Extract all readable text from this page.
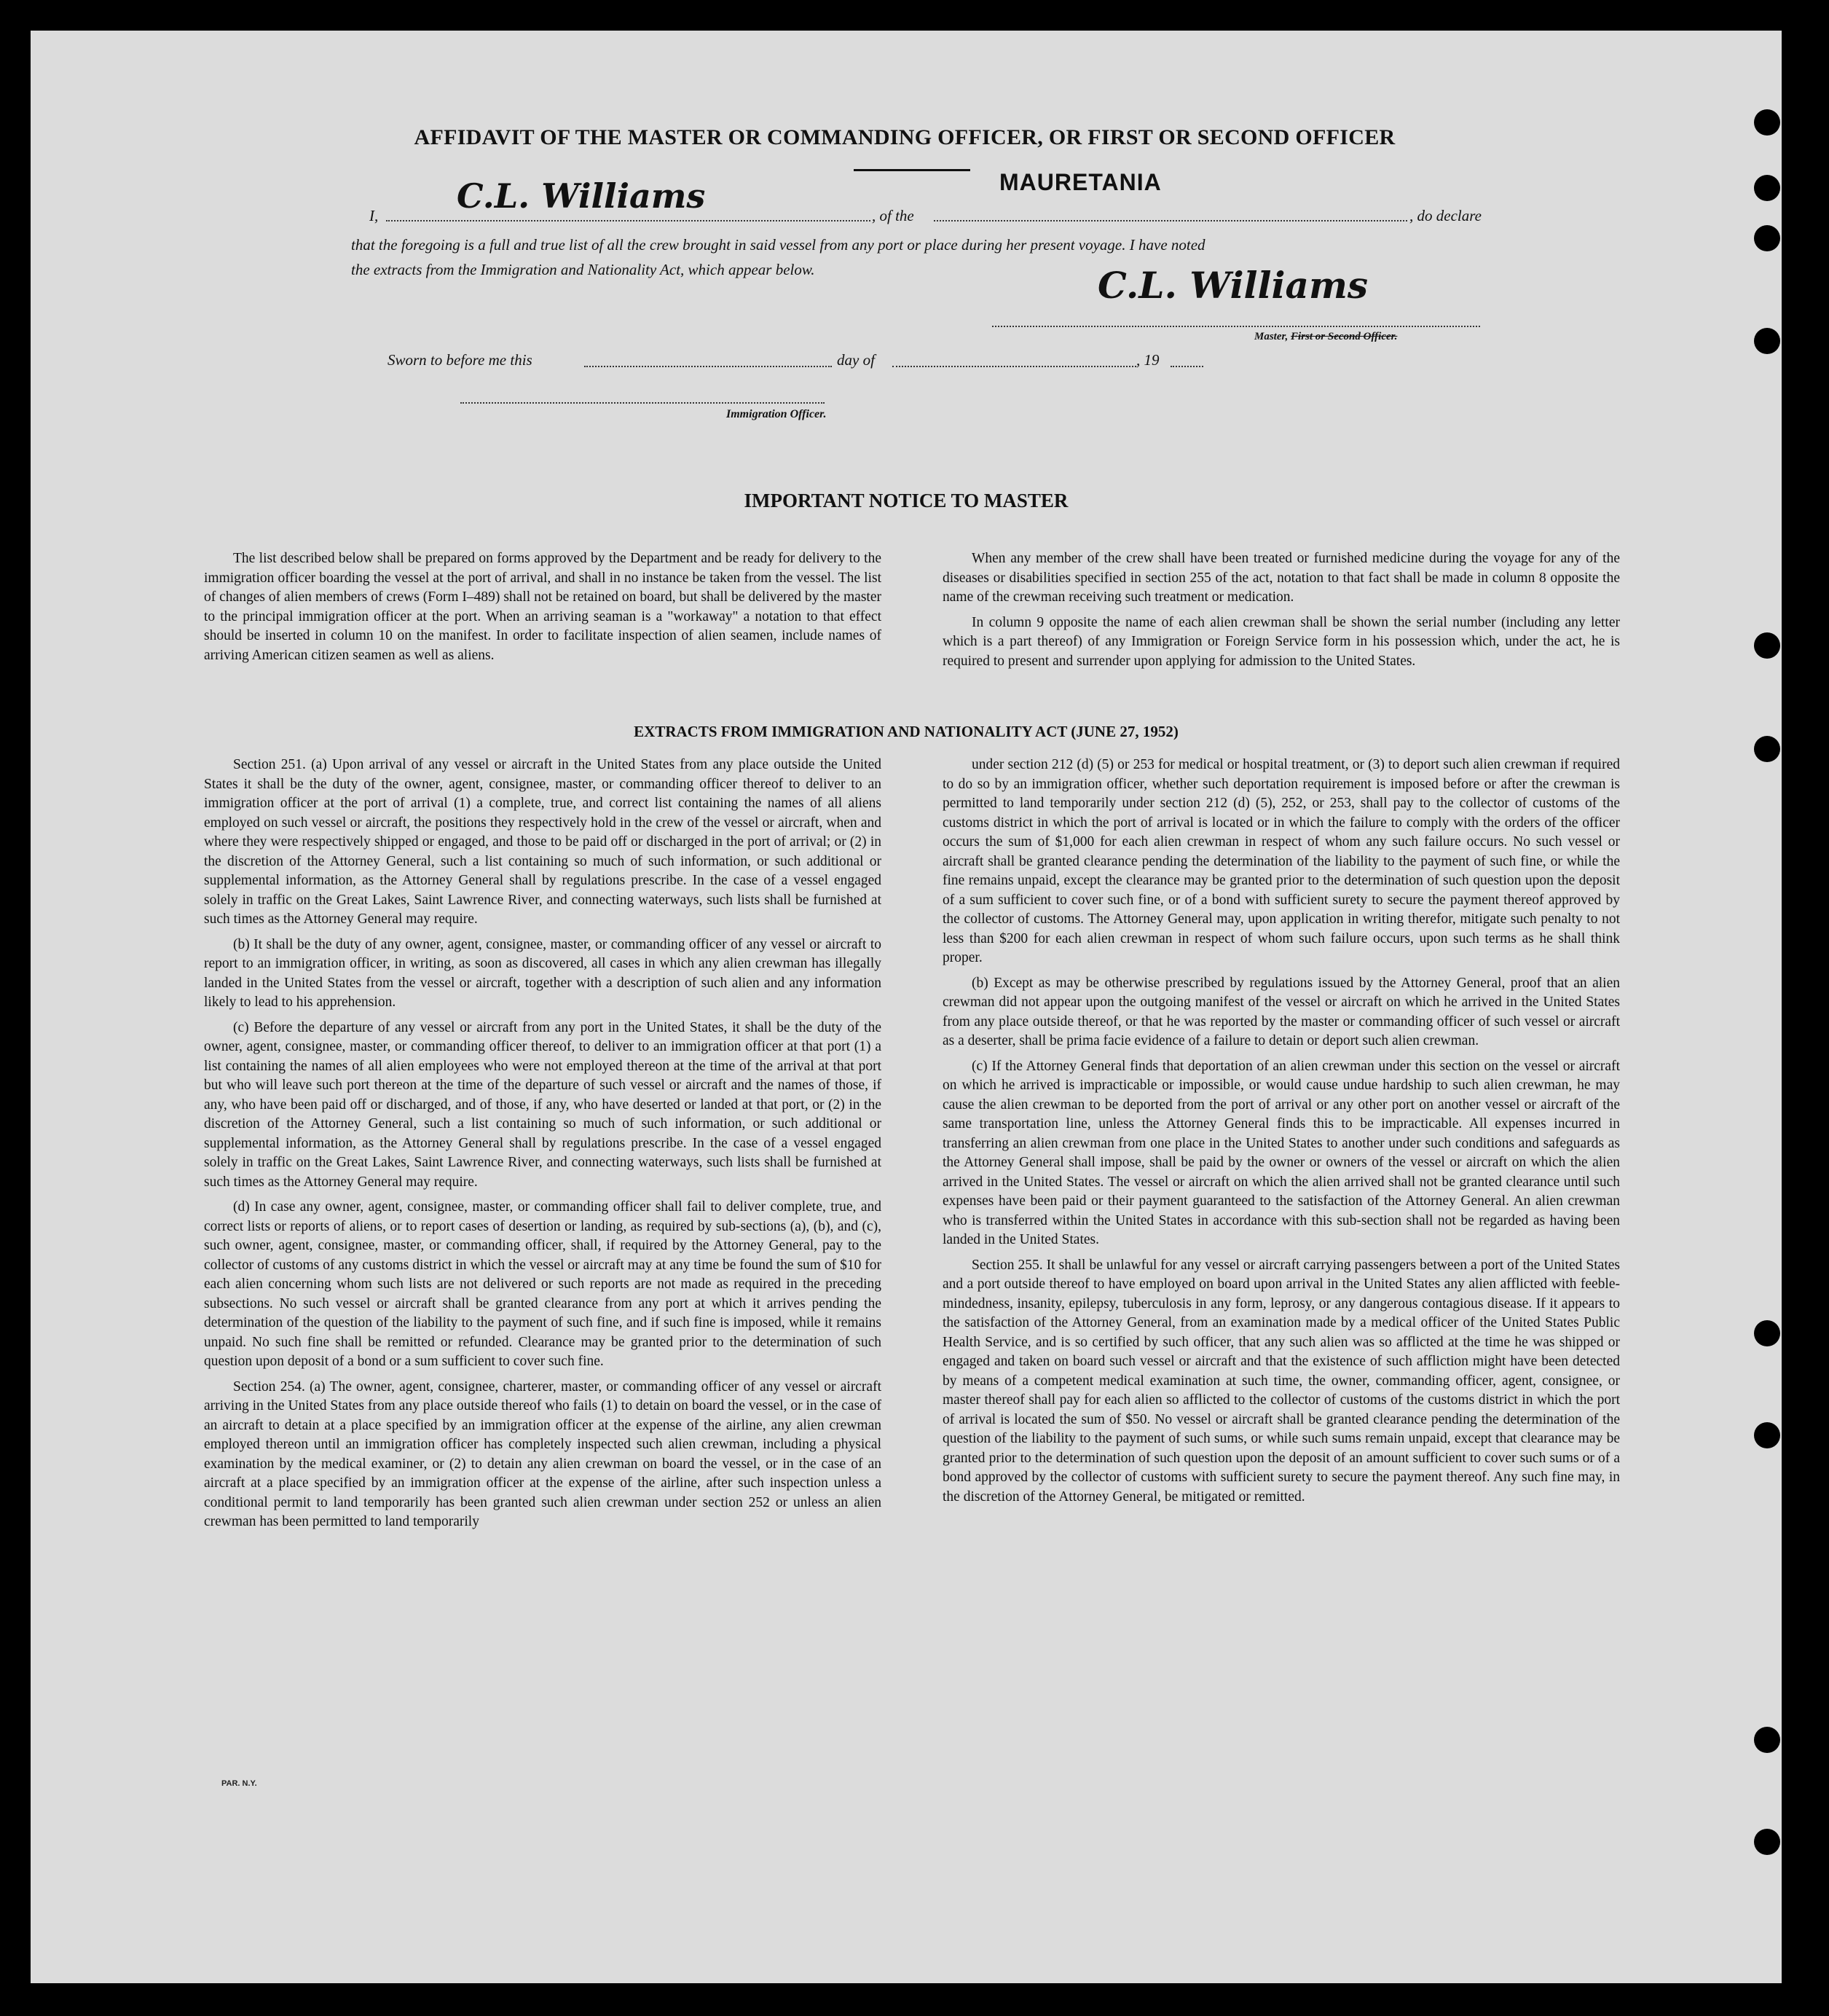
AFFIDAVIT OF THE MASTER OR COMMANDING OFFICER, OR FIRST OR SECOND OFFICER
MAURETANIA
I, C.L. Williams	, of the	, do declare
that the foregoing is a full and true list of all the crew brought in said vessel from any port or place during her present voyage. I have noted
the extracts from the Immigration and Nationality Act, which appear below.	C.L. Williams
Master, First or Second Officer.
Sworn to before me this	day of	, 19
Immigration Officer.
IMPORTANT NOTICE TO MASTER

The list described below shall be prepared on forms approved by the Department and be ready for delivery to the immigration officer boarding the vessel at the port of arrival, and shall in no instance be taken from the vessel. The list of changes of alien members of crews (Form I–489) shall not be retained on board, but shall be delivered by the master to the principal immigration officer at the port. When an arriving seaman is a "workaway" a notation to that effect should be inserted in column 10 on the manifest. In order to facilitate inspection of alien seamen, include names of arriving American citizen seamen as well as aliens.

When any member of the crew shall have been treated or furnished medicine during the voyage for any of the diseases or disabilities specified in section 255 of the act, notation to that fact shall be made in column 8 opposite the name of the crewman receiving such treatment or medication.

In column 9 opposite the name of each alien crewman shall be shown the serial number (including any letter which is a part thereof) of any Immigration or Foreign Service form in his possession which, under the act, he is required to present and surrender upon applying for admission to the United States.

EXTRACTS FROM IMMIGRATION AND NATIONALITY ACT (JUNE 27, 1952)

Section 251. (a) Upon arrival of any vessel or aircraft in the United States from any place outside the United States it shall be the duty of the owner, agent, consignee, master, or commanding officer thereof to deliver to an immigration officer at the port of arrival (1) a complete, true, and correct list containing the names of all aliens employed on such vessel or aircraft, the positions they respectively hold in the crew of the vessel or aircraft, when and where they were respectively shipped or engaged, and those to be paid off or discharged in the port of arrival; or (2) in the discretion of the Attorney General, such a list containing so much of such information, or such additional or supplemental information, as the Attorney General shall by regulations prescribe. In the case of a vessel engaged solely in traffic on the Great Lakes, Saint Lawrence River, and connecting waterways, such lists shall be furnished at such times as the Attorney General may require.

(b) It shall be the duty of any owner, agent, consignee, master, or commanding officer of any vessel or aircraft to report to an immigration officer, in writing, as soon as discovered, all cases in which any alien crewman has illegally landed in the United States from the vessel or aircraft, together with a description of such alien and any information likely to lead to his apprehension.

(c) Before the departure of any vessel or aircraft from any port in the United States, it shall be the duty of the owner, agent, consignee, master, or commanding officer thereof, to deliver to an immigration officer at that port (1) a list containing the names of all alien employees who were not employed thereon at the time of the arrival at that port but who will leave such port thereon at the time of the departure of such vessel or aircraft and the names of those, if any, who have been paid off or discharged, and of those, if any, who have deserted or landed at that port, or (2) in the discretion of the Attorney General, such a list containing so much of such information, or such additional or supplemental information, as the Attorney General shall by regulations prescribe. In the case of a vessel engaged solely in traffic on the Great Lakes, Saint Lawrence River, and connecting waterways, such lists shall be furnished at such times as the Attorney General may require.

(d) In case any owner, agent, consignee, master, or commanding officer shall fail to deliver complete, true, and correct lists or reports of aliens, or to report cases of desertion or landing, as required by sub-sections (a), (b), and (c), such owner, agent, consignee, master, or commanding officer, shall, if required by the Attorney General, pay to the collector of customs of any customs district in which the vessel or aircraft may at any time be found the sum of $10 for each alien concerning whom such lists are not delivered or such reports are not made as required in the preceding subsections. No such vessel or aircraft shall be granted clearance from any port at which it arrives pending the determination of the question of the liability to the payment of such fine, and if such fine is imposed, while it remains unpaid. No such fine shall be remitted or refunded. Clearance may be granted prior to the determination of such question upon deposit of a bond or a sum sufficient to cover such fine.

Section 254. (a) The owner, agent, consignee, charterer, master, or commanding officer of any vessel or aircraft arriving in the United States from any place outside thereof who fails (1) to detain on board the vessel, or in the case of an aircraft to detain at a place specified by an immigration officer at the expense of the airline, any alien crewman employed thereon until an immigration officer has completely inspected such alien crewman, including a physical examination by the medical examiner, or (2) to detain any alien crewman on board the vessel, or in the case of an aircraft at a place specified by an immigration officer at the expense of the airline, after such inspection unless a conditional permit to land temporarily has been granted such alien crewman under section 252 or unless an alien crewman has been permitted to land temporarily

under section 212 (d) (5) or 253 for medical or hospital treatment, or (3) to deport such alien crewman if required to do so by an immigration officer, whether such deportation requirement is imposed before or after the crewman is permitted to land temporarily under section 212 (d) (5), 252, or 253, shall pay to the collector of customs of the customs district in which the port of arrival is located or in which the failure to comply with the orders of the officer occurs the sum of $1,000 for each alien crewman in respect of whom any such failure occurs. No such vessel or aircraft shall be granted clearance pending the determination of the liability to the payment of such fine, or while the fine remains unpaid, except the clearance may be granted prior to the determination of such question upon the deposit of a sum sufficient to cover such fine, or of a bond with sufficient surety to secure the payment thereof approved by the collector of customs. The Attorney General may, upon application in writing therefor, mitigate such penalty to not less than $200 for each alien crewman in respect of whom such failure occurs, upon such terms as he shall think proper.

(b) Except as may be otherwise prescribed by regulations issued by the Attorney General, proof that an alien crewman did not appear upon the outgoing manifest of the vessel or aircraft on which he arrived in the United States from any place outside thereof, or that he was reported by the master or commanding officer of such vessel or aircraft as a deserter, shall be prima facie evidence of a failure to detain or deport such alien crewman.

(c) If the Attorney General finds that deportation of an alien crewman under this section on the vessel or aircraft on which he arrived is impracticable or impossible, or would cause undue hardship to such alien crewman, he may cause the alien crewman to be deported from the port of arrival or any other port on another vessel or aircraft of the same transportation line, unless the Attorney General finds this to be impracticable. All expenses incurred in transferring an alien crewman from one place in the United States to another under such conditions and safeguards as the Attorney General shall impose, shall be paid by the owner or owners of the vessel or aircraft on which the alien arrived in the United States. The vessel or aircraft on which the alien arrived shall not be granted clearance until such expenses have been paid or their payment guaranteed to the satisfaction of the Attorney General. An alien crewman who is transferred within the United States in accordance with this sub-section shall not be regarded as having been landed in the United States.

Section 255. It shall be unlawful for any vessel or aircraft carrying passengers between a port of the United States and a port outside thereof to have employed on board upon arrival in the United States any alien afflicted with feeble-mindedness, insanity, epilepsy, tuberculosis in any form, leprosy, or any dangerous contagious disease. If it appears to the satisfaction of the Attorney General, from an examination made by a medical officer of the United States Public Health Service, and is so certified by such officer, that any such alien was so afflicted at the time he was shipped or engaged and taken on board such vessel or aircraft and that the existence of such affliction might have been detected by means of a competent medical examination at such time, the owner, commanding officer, agent, consignee, or master thereof shall pay for each alien so afflicted to the collector of customs of the customs district in which the port of arrival is located the sum of $50. No vessel or aircraft shall be granted clearance pending the determination of the question of the liability to the payment of such sums, or while such sums remain unpaid, except that clearance may be granted prior to the determination of such question upon the deposit of an amount sufficient to cover such sums or of a bond approved by the collector of customs with sufficient surety to secure the payment thereof. Any such fine may, in the discretion of the Attorney General, be mitigated or remitted.

PAR. N.Y.
